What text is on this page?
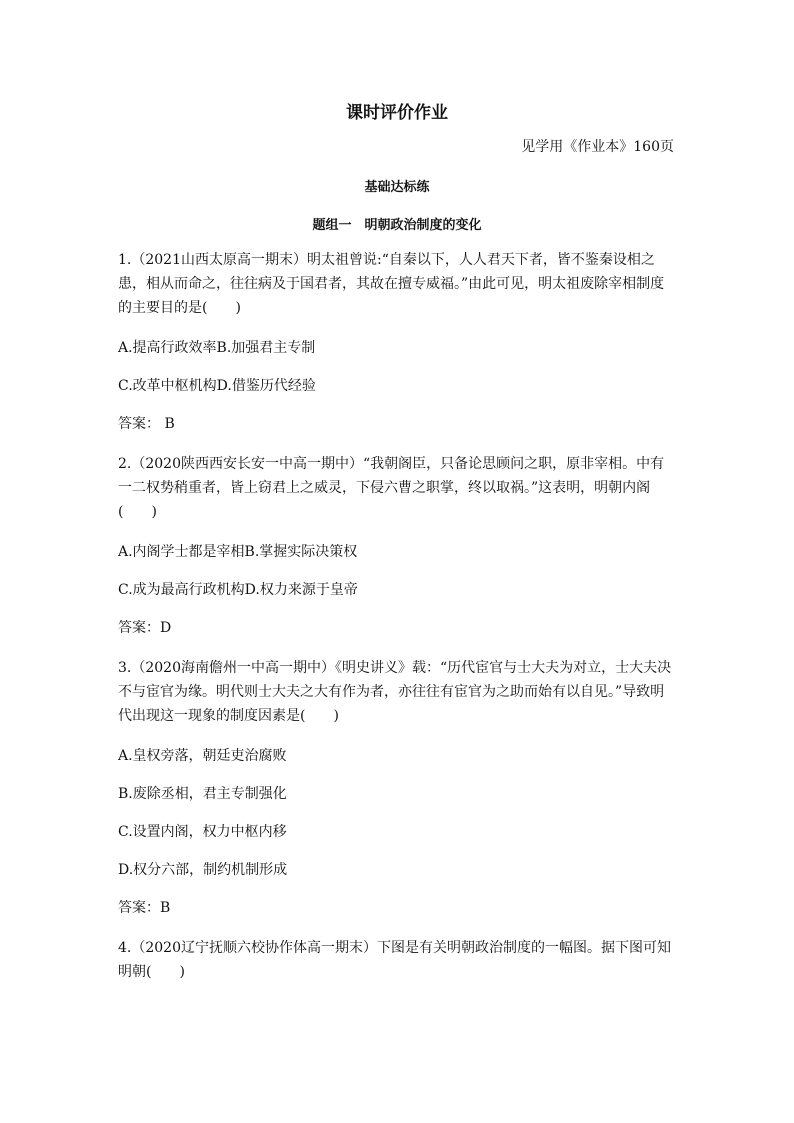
课时评价作业
见学用《作业本》160页
基础达标练
题组一　明朝政治制度的变化

1.（2021山西太原高一期末）明太祖曾说:“自秦以下，人人君天下者，皆不鉴秦设相之患，相从而命之，往往病及于国君者，其故在擅专威福。”由此可见，明太祖废除宰相制度的主要目的是(　　)

A.提高行政效率B.加强君主专制

C.改革中枢机构D.借鉴历代经验

答案： B

2.（2020陕西西安长安一中高一期中）“我朝阁臣，只备论思顾问之职，原非宰相。中有一二权势稍重者，皆上窃君上之威灵，下侵六曹之职掌，终以取祸。”这表明，明朝内阁(　　)

A.内阁学士都是宰相B.掌握实际决策权

C.成为最高行政机构D.权力来源于皇帝

答案：D

3.（2020海南儋州一中高一期中）《明史讲义》载：“历代宦官与士大夫为对立，士大夫决不与宦官为缘。明代则士大夫之大有作为者，亦往往有宦官为之助而始有以自见。”导致明代出现这一现象的制度因素是(　　)

A.皇权旁落，朝廷吏治腐败

B.废除丞相，君主专制强化

C.设置内阁，权力中枢内移

D.权分六部，制约机制形成

答案：B

4.（2020辽宁抚顺六校协作体高一期末）下图是有关明朝政治制度的一幅图。据下图可知明朝(　　)
